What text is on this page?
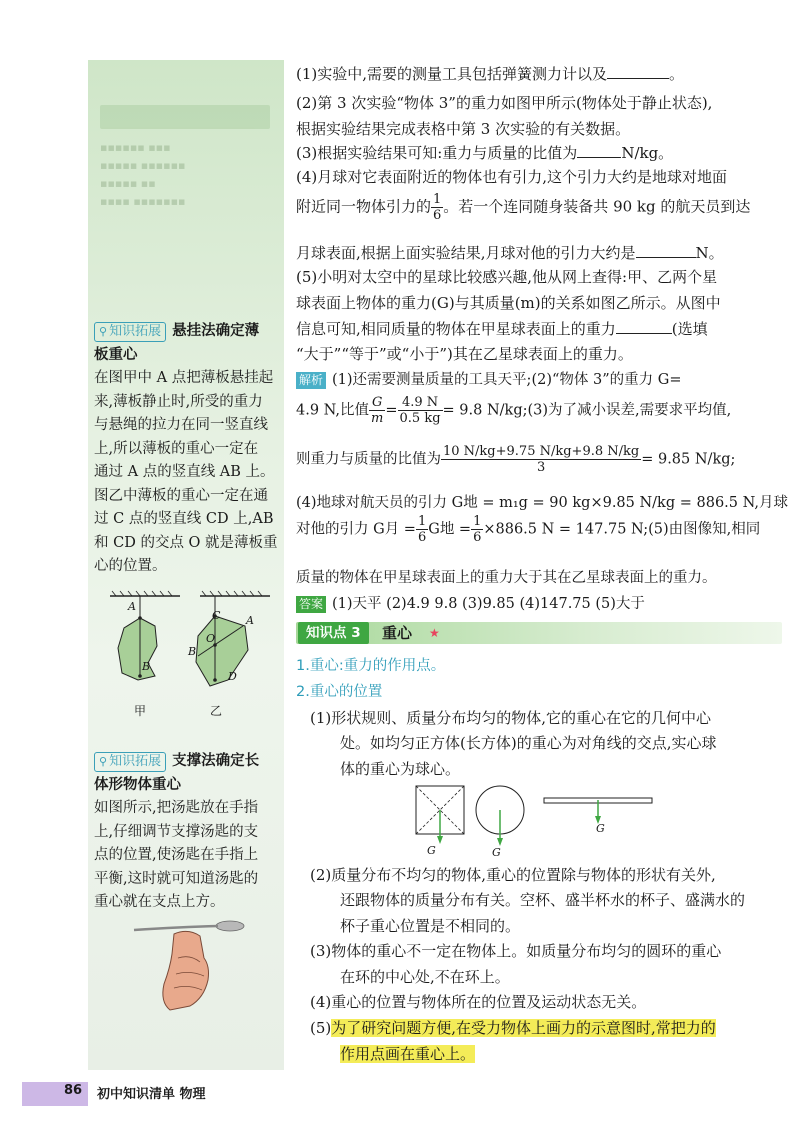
▪▪▪▪▪▪ ▪▪▪
▪▪▪▪▪ ▪▪▪▪▪▪
▪▪▪▪▪ ▪▪
▪▪▪▪ ▪▪▪▪▪▪▪
⚲ 知识拓展 悬挂法确定薄
板重心
在图甲中 A 点把薄板悬挂起
来,薄板静止时,所受的重力
与悬绳的拉力在同一竖直线
上,所以薄板的重心一定在
通过 A 点的竖直线 AB 上。
图乙中薄板的重心一定在通
过 C 点的竖直线 CD 上,AB
和 CD 的交点 O 就是薄板重
心的位置。
A
B
C A
O
B
D
甲	乙
⚲ 知识拓展 支撑法确定长
体形物体重心
如图所示,把汤匙放在手指
上,仔细调节支撑汤匙的支
点的位置,使汤匙在手指上
平衡,这时就可知道汤匙的
重心就在支点上方。
(1)实验中,需要的测量工具包括弹簧测力计以及	。
(2)第 3 次实验“物体 3”的重力如图甲所示(物体处于静止状态),
根据实验结果完成表格中第 3 次实验的有关数据。
(3)根据实验结果可知:重力与质量的比值为	N/kg。
(4)月球对它表面附近的物体也有引力,这个引力大约是地球对地面
附近同一物体引力的 $\frac{1}{6}$ 。若一个连同随身装备共 90 kg 的航天员到达
月球表面,根据上面实验结果,月球对他的引力大约是	N。
(5)小明对太空中的星球比较感兴趣,他从网上查得:甲、乙两个星
球表面上物体的重力(G)与其质量(m)的关系如图乙所示。从图中
信息可知,相同质量的物体在甲星球表面上的重力	(选填
“大于”“等于”或“小于”)其在乙星球表面上的重力。
解析 (1)还需要测量质量的工具天平;(2)“物体 3”的重力 G=
4.9 N,比值 $\frac{G}{m} = \frac{4.9 N}{0.5 kg} = 9.8$ N/kg;(3)为了减小误差,需要求平均值,
则重力与质量的比值为 $\frac{10 N/kg+9.75 N/kg+9.8 N/kg}{3} = 9.85$ N/kg;
(4)地球对航天员的引力 G地 = m₁g = 90 kg×9.85 N/kg = 886.5 N,月球
对他的引力 G月 = $\frac{1}{6}$ G地 = $\frac{1}{6} \times 886.5$ N = 147.75 N;(5)由图像知,相同
质量的物体在甲星球表面上的重力大于其在乙星球表面上的重力。
答案 (1)天平 (2)4.9 9.8 (3)9.85 (4)147.75 (5)大于
知识点 3	重心 ★
1.重心:重力的作用点。
2.重心的位置
(1)形状规则、质量分布均匀的物体,它的重心在它的几何中心
处。如均匀正方体(长方体)的重心为对角线的交点,实心球
体的重心为球心。
(2)质量分布不均匀的物体,重心的位置除与物体的形状有关外,
还跟物体的质量分布有关。空杯、盛半杯水的杯子、盛满水的
杯子重心位置是不相同的。
(3)物体的重心不一定在物体上。如质量分布均匀的圆环的重心
在环的中心处,不在环上。
(4)重心的位置与物体所在的位置及运动状态无关。
(5)为了研究问题方便,在受力物体上画力的示意图时,常把力的
作用点画在重心上。
G	G
G
86 初中知识清单 物理
